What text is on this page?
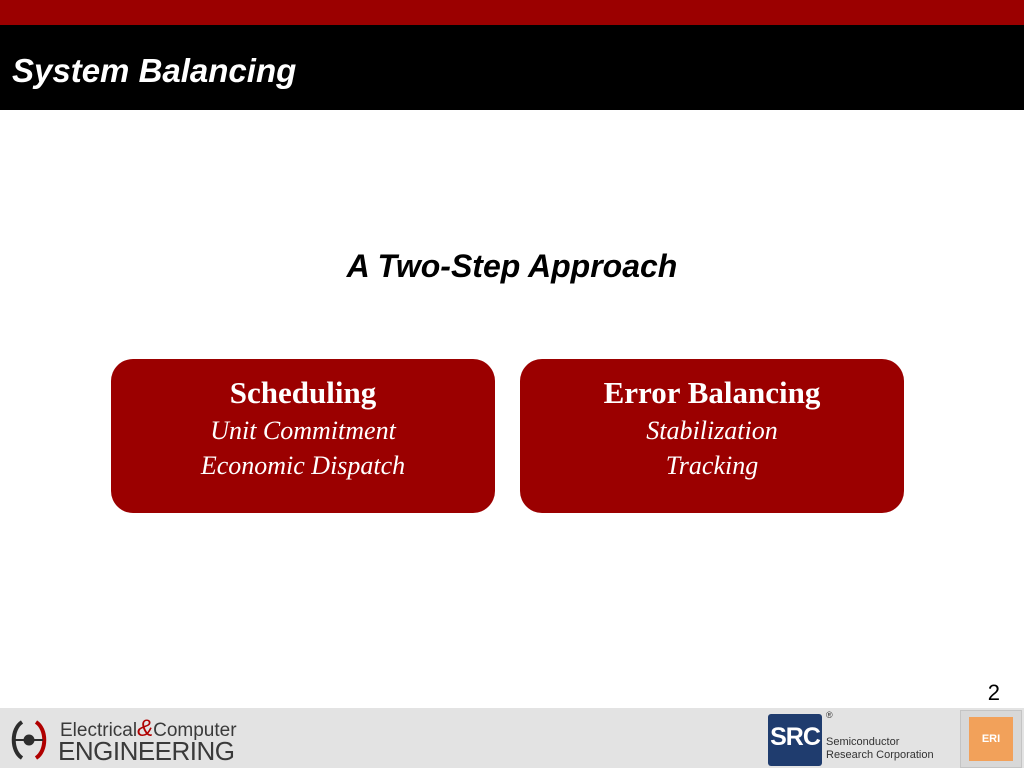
System Balancing
A Two-Step Approach
Scheduling
Unit Commitment
Economic Dispatch
Error Balancing
Stabilization
Tracking
2
Electrical&Computer
ENGINEERING	SRC
®
Semiconductor
Research Corporation
ERI
